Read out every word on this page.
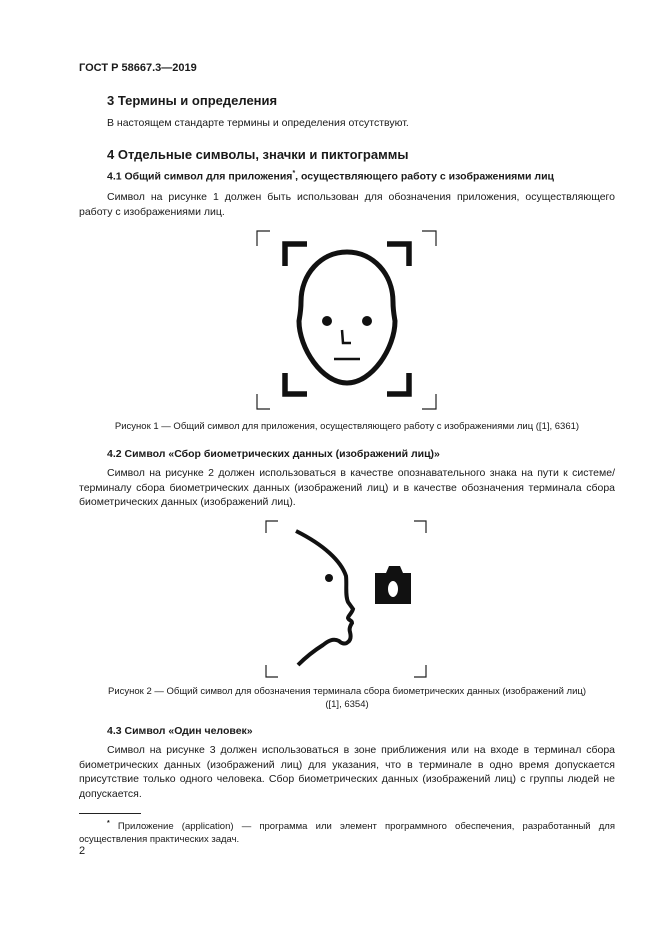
ГОСТ Р 58667.3—2019
3 Термины и определения
В настоящем стандарте термины и определения отсутствуют.
4 Отдельные символы, значки и пиктограммы
4.1 Общий символ для приложения*, осуществляющего работу с изображениями лиц
Символ на рисунке 1 должен быть использован для обозначения приложения, осуществляющего работу с изображениями лиц.
Рисунок 1 — Общий символ для приложения, осуществляющего работу с изображениями лиц ([1], 6361)
4.2 Символ «Сбор биометрических данных (изображений лиц)»
Символ на рисунке 2 должен использоваться в качестве опознавательного знака на пути к системе/терминалу сбора биометрических данных (изображений лиц) и в качестве обозначения терминала сбора биометрических данных (изображений лиц).
Рисунок 2 — Общий символ для обозначения терминала сбора биометрических данных (изображений лиц)
([1], 6354)
4.3 Символ «Один человек»
Символ на рисунке 3 должен использоваться в зоне приближения или на входе в терминал сбора биометрических данных (изображений лиц) для указания, что в терминале в одно время допускается присутствие только одного человека. Сбор биометрических данных (изображений лиц) с группы людей не допускается.
* Приложение (application) — программа или элемент программного обеспечения, разработанный для осуществления практических задач.
2
